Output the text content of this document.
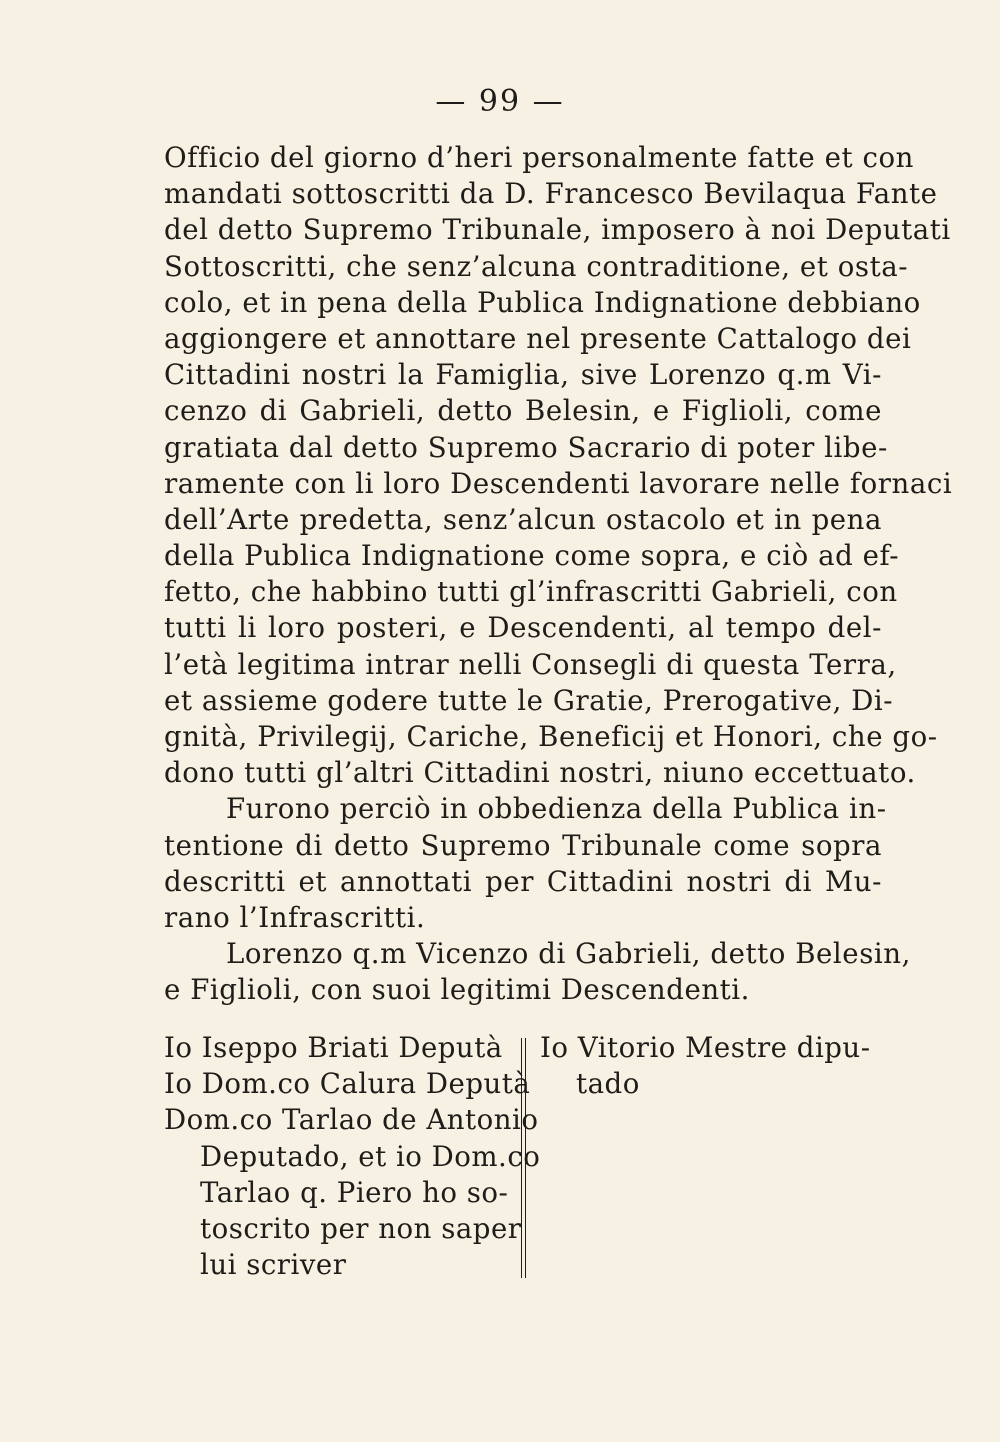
— 99 —
Officio del giorno d’heri personalmente fatte et con
mandati sottoscritti da D. Francesco Bevilaqua Fante
del detto Supremo Tribunale, imposero à noi Deputati
Sottoscritti, che senz’alcuna contraditione, et osta-
colo, et in pena della Publica Indignatione debbiano
aggiongere et annottare nel presente Cattalogo dei
Cittadini nostri la Famiglia, sive Lorenzo q.m Vi-
cenzo di Gabrieli, detto Belesin, e Figlioli, come
gratiata dal detto Supremo Sacrario di poter libe-
ramente con li loro Descendenti lavorare nelle fornaci
dell’Arte predetta, senz’alcun ostacolo et in pena
della Publica Indignatione come sopra, e ciò ad ef-
fetto, che habbino tutti gl’infrascritti Gabrieli, con
tutti li loro posteri, e Descendenti, al tempo del-
l’età legitima intrar nelli Consegli di questa Terra,
et assieme godere tutte le Gratie, Prerogative, Di-
gnità, Privilegij, Cariche, Beneficij et Honori, che go-
dono tutti gl’altri Cittadini nostri, niuno eccettuato.
Furono perciò in obbedienza della Publica in-
tentione di detto Supremo Tribunale come sopra
descritti et annottati per Cittadini nostri di Mu-
rano l’Infrascritti.
Lorenzo q.m Vicenzo di Gabrieli, detto Belesin,
e Figlioli, con suoi legitimi Descendenti.
Io Iseppo Briati Deputà
Io Dom.co Calura Deputà
Dom.co Tarlao de Antonio
Deputado, et io Dom.co
Tarlao q. Piero ho so-
toscrito per non saper
lui scriver
Io Vitorio Mestre dipu-
tado
